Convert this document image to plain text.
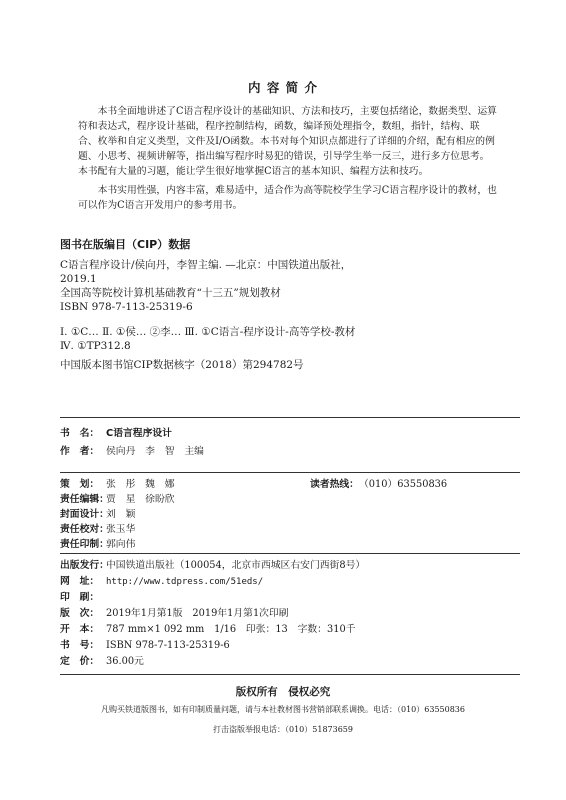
内 容 简 介

本书全面地讲述了C语言程序设计的基础知识、方法和技巧，主要包括绪论，数据类型、运算符和表达式，程序设计基础，程序控制结构，函数，编译预处理指令，数组，指针，结构、联合、枚举和自定义类型，文件及I/O函数。本书对每个知识点都进行了详细的介绍，配有相应的例题、小思考、视频讲解等，指出编写程序时易犯的错误，引导学生举一反三，进行多方位思考。本书配有大量的习题，能让学生很好地掌握C语言的基本知识、编程方法和技巧。

本书实用性强，内容丰富，难易适中，适合作为高等院校学生学习C语言程序设计的教材，也可以作为C语言开发用户的参考用书。

图书在版编目（CIP）数据

C语言程序设计/侯向丹，李智主编. —北京：中国铁道出版社，2019.1
全国高等院校计算机基础教育“十三五”规划教材
ISBN 978-7-113-25319-6

Ⅰ. ①C… Ⅱ. ①侯… ②李… Ⅲ. ①C语言-程序设计-高等学校-教材 Ⅳ. ①TP312.8

中国版本图书馆CIP数据核字（2018）第294782号

书　名： C语言程序设计
作　者： 侯向丹　李　智　主编
策　划： 张　彤　魏　娜	读者热线：（010）63550836
责任编辑：贾　星　徐盼欣
封面设计：刘　颖
责任校对：张玉华
责任印制：郭向伟
出版发行：中国铁道出版社（100054，北京市西城区右安门西街8号）
网　址： http://www.tdpress.com/51eds/
印　刷：
版　次： 2019年1月第1版　2019年1月第1次印刷
开　本： 787 mm×1 092 mm　1/16　印张：13　字数：310千
书　号： ISBN 978-7-113-25319-6
定　价： 36.00元
版权所有　侵权必究
凡购买铁道版图书，如有印制质量问题，请与本社教材图书营销部联系调换。电话：（010）63550836
打击盗版举报电话：（010）51873659
